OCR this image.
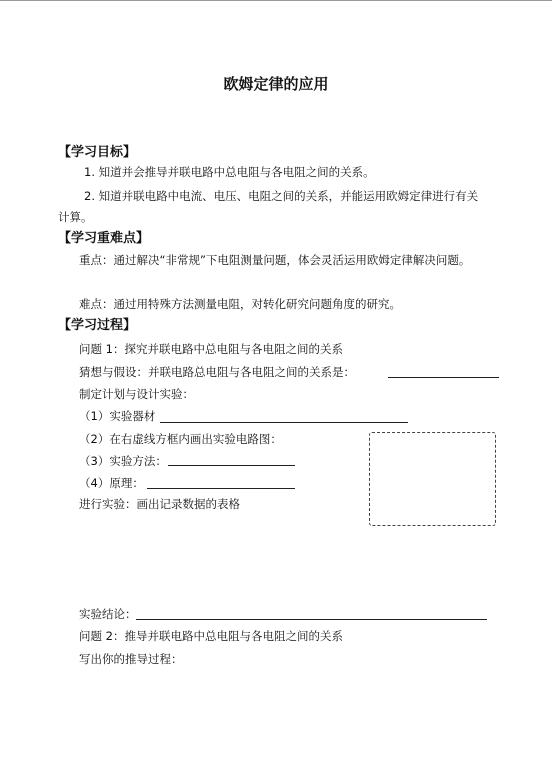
欧姆定律的应用
【学习目标】
1. 知道并会推导并联电路中总电阻与各电阻之间的关系。
2. 知道并联电路中电流、电压、电阻之间的关系，并能运用欧姆定律进行有关
计算。
【学习重难点】
重点：通过解决“非常规”下电阻测量问题，体会灵活运用欧姆定律解决问题。
难点：通过用特殊方法测量电阻，对转化研究问题角度的研究。
【学习过程】
问题 1：探究并联电路中总电阻与各电阻之间的关系
猜想与假设：并联电路总电阻与各电阻之间的关系是：
制定计划与设计实验：
（1）实验器材
（2）在右虚线方框内画出实验电路图：
（3）实验方法：
（4）原理：
进行实验：画出记录数据的表格
实验结论：
问题 2：推导并联电路中总电阻与各电阻之间的关系
写出你的推导过程：
